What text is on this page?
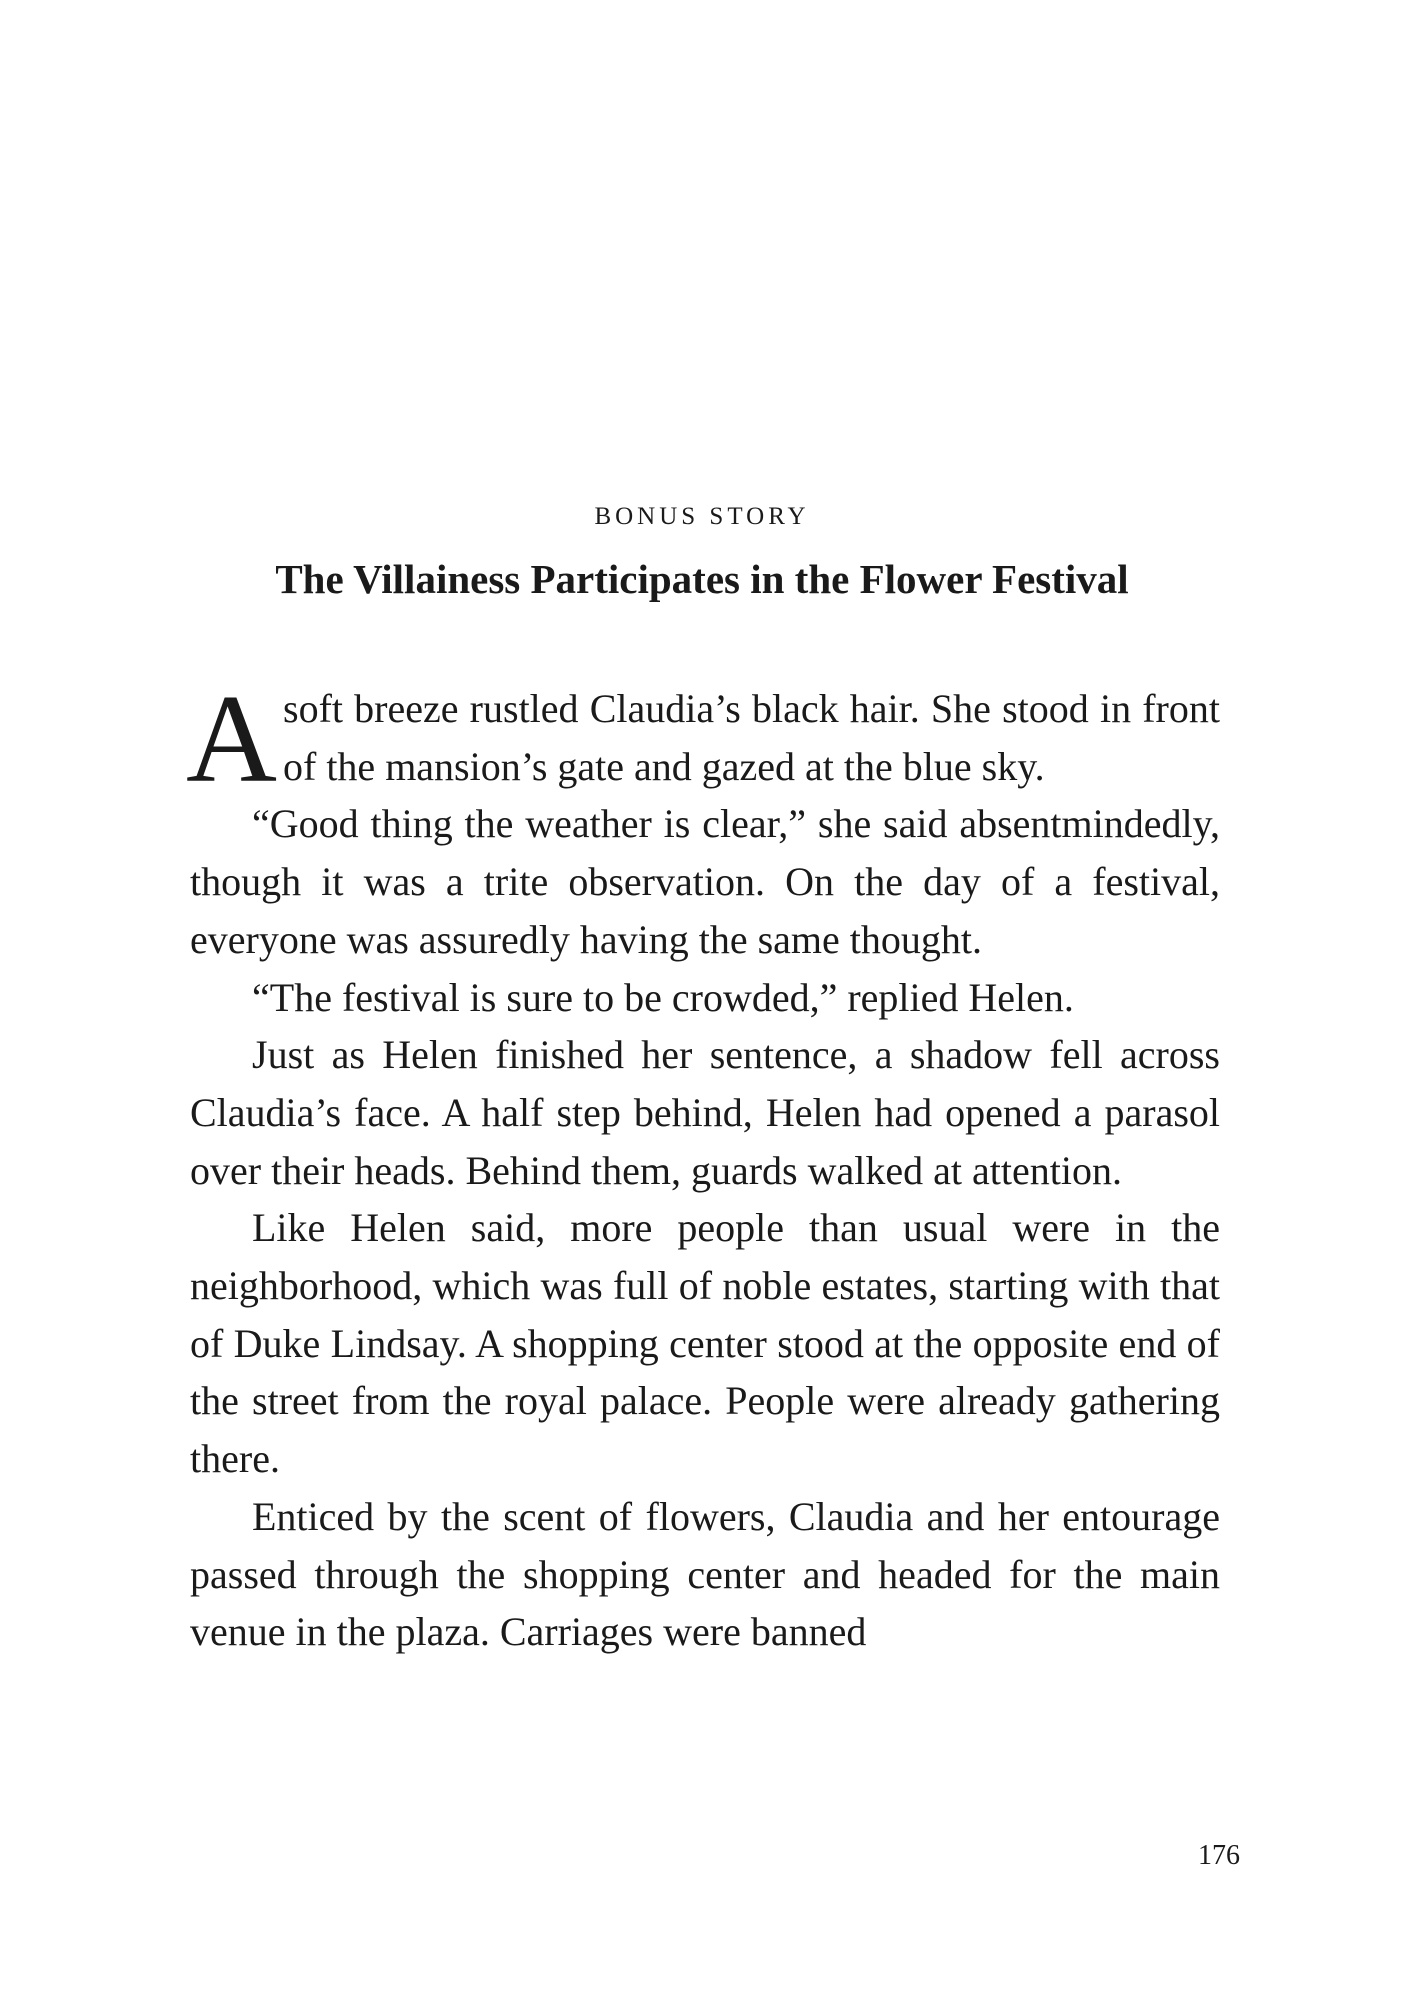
BONUS STORY
The Villainess Participates in the Flower Festival

A soft breeze rustled Claudia’s black hair. She stood in front of the mansion’s gate and gazed at the blue sky.

“Good thing the weather is clear,” she said absentmindedly, though it was a trite observation. On the day of a festival, everyone was assuredly having the same thought.

“The festival is sure to be crowded,” replied Helen.

Just as Helen finished her sentence, a shadow fell across Claudia’s face. A half step behind, Helen had opened a parasol over their heads. Behind them, guards walked at attention.

Like Helen said, more people than usual were in the neighborhood, which was full of noble estates, starting with that of Duke Lindsay. A shopping center stood at the opposite end of the street from the royal palace. People were already gathering there.

Enticed by the scent of flowers, Claudia and her entourage passed through the shopping center and headed for the main venue in the plaza. Carriages were banned

176
